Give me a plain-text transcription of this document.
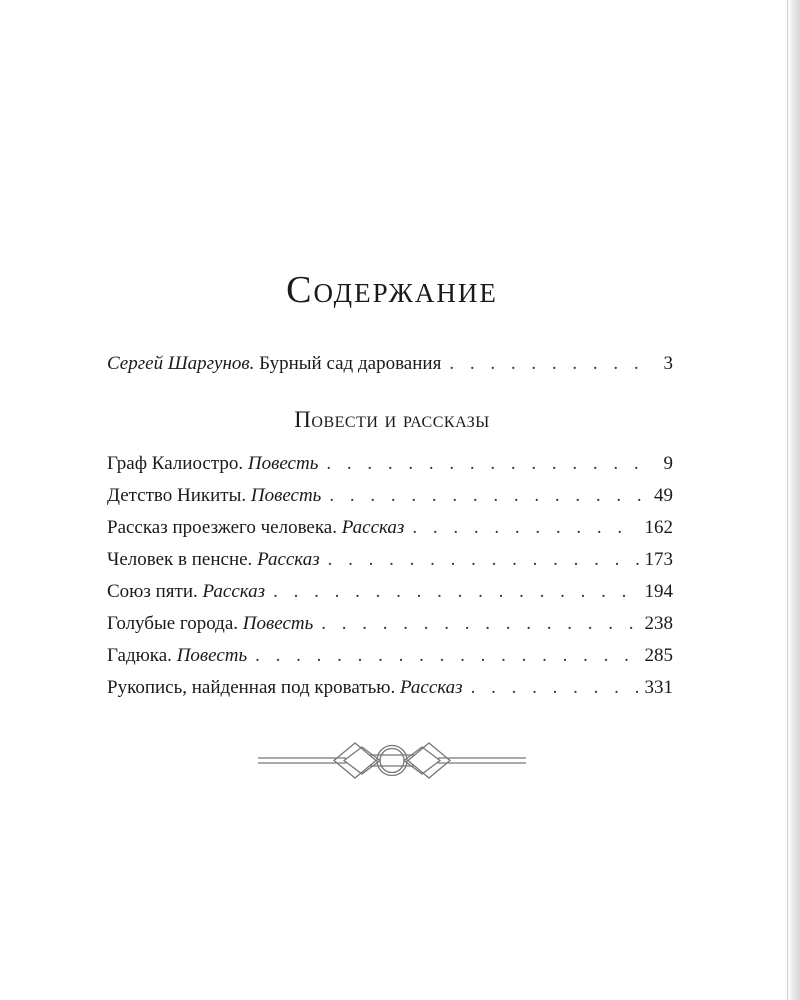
Содержание
Сергей Шаргунов. Бурный сад дарования . . .	3
Повести и рассказы
Граф Калиостро. Повесть . . .	9
Детство Никиты. Повесть . . .	49
Рассказ проезжего человека. Рассказ . . .	162
Человек в пенсне. Рассказ . . .	173
Союз пяти. Рассказ . . .	194
Голубые города. Повесть . . .	238
Гадюка. Повесть . . .	285
Рукопись, найденная под кроватью. Рассказ . . .	331
